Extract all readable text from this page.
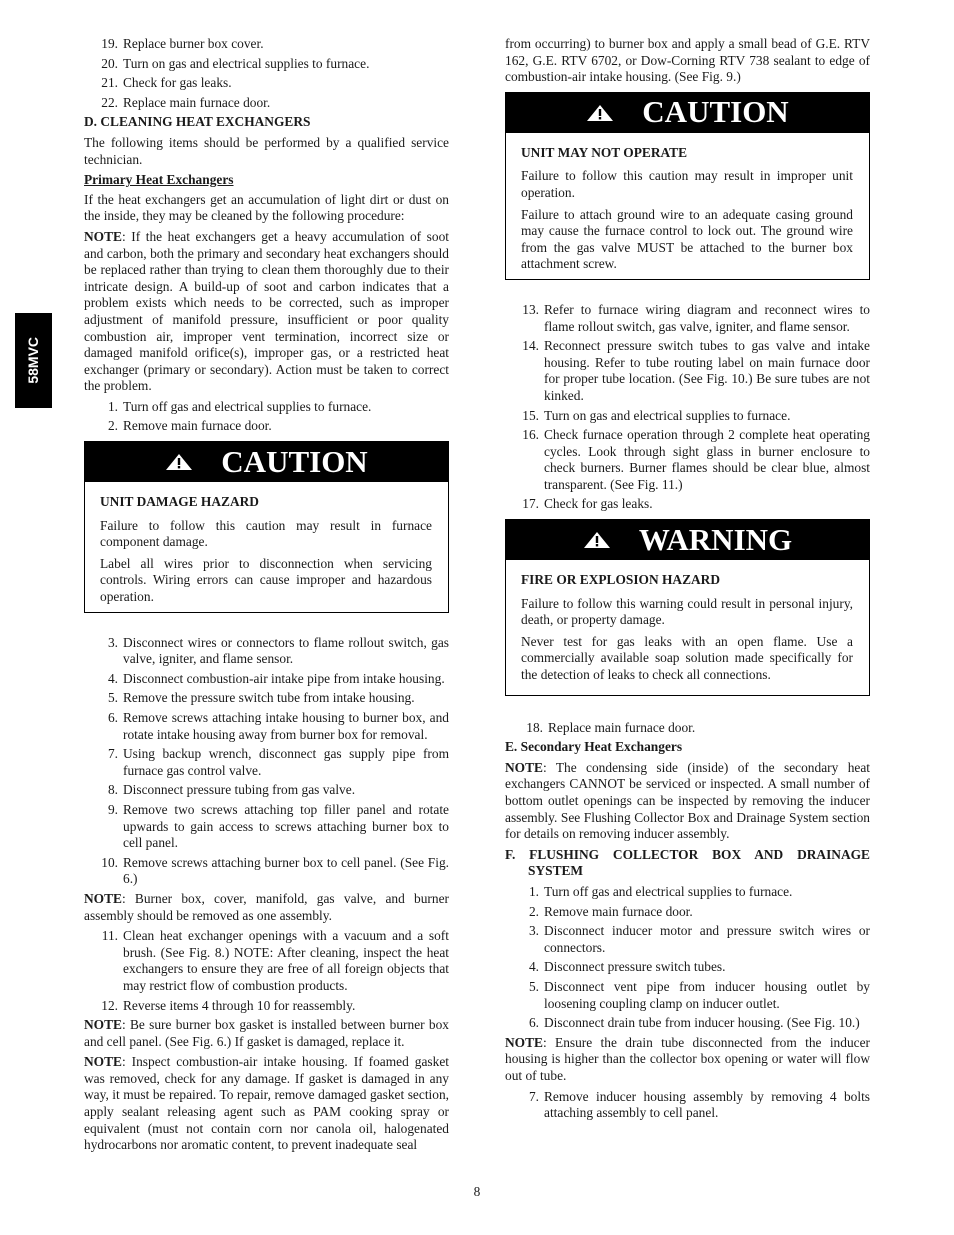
58MVC
19. Replace burner box cover.
20. Turn on gas and electrical supplies to furnace.
21. Check for gas leaks.
22. Replace main furnace door.
D. CLEANING HEAT EXCHANGERS

The following items should be performed by a qualified service technician.

Primary Heat Exchangers

If the heat exchangers get an accumulation of light dirt or dust on the inside, they may be cleaned by the following procedure:

NOTE: If the heat exchangers get a heavy accumulation of soot and carbon, both the primary and secondary heat exchangers should be replaced rather than trying to clean them thoroughly due to their intricate design. A build-up of soot and carbon indicates that a problem exists which needs to be corrected, such as improper adjustment of manifold pressure, insufficient or poor quality combustion air, improper vent termination, incorrect size or damaged manifold orifice(s), improper gas, or a restricted heat exchanger (primary or secondary). Action must be taken to correct the problem.

1. Turn off gas and electrical supplies to furnace.
2. Remove main furnace door.
CAUTION
UNIT DAMAGE HAZARD

Failure to follow this caution may result in furnace component damage.

Label all wires prior to disconnection when servicing controls. Wiring errors can cause improper and hazardous operation.

3. Disconnect wires or connectors to flame rollout switch, gas valve, igniter, and flame sensor.
4. Disconnect combustion-air intake pipe from intake housing.
5. Remove the pressure switch tube from intake housing.
6. Remove screws attaching intake housing to burner box, and rotate intake housing away from burner box for removal.
7. Using backup wrench, disconnect gas supply pipe from furnace gas control valve.
8. Disconnect pressure tubing from gas valve.
9. Remove two screws attaching top filler panel and rotate upwards to gain access to screws attaching burner box to cell panel.
10. Remove screws attaching burner box to cell panel. (See Fig. 6.)

NOTE: Burner box, cover, manifold, gas valve, and burner assembly should be removed as one assembly.

11. Clean heat exchanger openings with a vacuum and a soft brush. (See Fig. 8.) NOTE: After cleaning, inspect the heat exchangers to ensure they are free of all foreign objects that may restrict flow of combustion products.
12. Reverse items 4 through 10 for reassembly.

NOTE: Be sure burner box gasket is installed between burner box and cell panel. (See Fig. 6.) If gasket is damaged, replace it.

NOTE: Inspect combustion-air intake housing. If foamed gasket was removed, check for any damage. If gasket is damaged in any way, it must be repaired. To repair, remove damaged gasket section, apply sealant releasing agent such as PAM cooking spray or equivalent (must not contain corn nor canola oil, halogenated hydrocarbons nor aromatic content, to prevent inadequate seal

from occurring) to burner box and apply a small bead of G.E. RTV 162, G.E. RTV 6702, or Dow-Corning RTV 738 sealant to edge of combustion-air intake housing. (See Fig. 9.)

CAUTION
UNIT MAY NOT OPERATE

Failure to follow this caution may result in improper unit operation.

Failure to attach ground wire to an adequate casing ground may cause the furnace control to lock out. The ground wire from the gas valve MUST be attached to the burner box attachment screw.

13. Refer to furnace wiring diagram and reconnect wires to flame rollout switch, gas valve, igniter, and flame sensor.
14. Reconnect pressure switch tubes to gas valve and intake housing. Refer to tube routing label on main furnace door for proper tube location. (See Fig. 10.) Be sure tubes are not kinked.
15. Turn on gas and electrical supplies to furnace.
16. Check furnace operation through 2 complete heat operating cycles. Look through sight glass in burner enclosure to check burners. Burner flames should be clear blue, almost transparent. (See Fig. 11.)
17. Check for gas leaks.
WARNING
FIRE OR EXPLOSION HAZARD

Failure to follow this warning could result in personal injury, death, or property damage.

Never test for gas leaks with an open flame. Use a commercially available soap solution made specifically for the detection of leaks to check all connections.

18. Replace main furnace door.
E. Secondary Heat Exchangers

NOTE: The condensing side (inside) of the secondary heat exchangers CANNOT be serviced or inspected. A small number of bottom outlet openings can be inspected by removing the inducer assembly. See Flushing Collector Box and Drainage System section for details on removing inducer assembly.

F. FLUSHING COLLECTOR BOX AND DRAINAGE SYSTEM
1. Turn off gas and electrical supplies to furnace.
2. Remove main furnace door.
3. Disconnect inducer motor and pressure switch wires or connectors.
4. Disconnect pressure switch tubes.
5. Disconnect vent pipe from inducer housing outlet by loosening coupling clamp on inducer outlet.
6. Disconnect drain tube from inducer housing. (See Fig. 10.)

NOTE: Ensure the drain tube disconnected from the inducer housing is higher than the collector box opening or water will flow out of tube.

7. Remove inducer housing assembly by removing 4 bolts attaching assembly to cell panel.
8
